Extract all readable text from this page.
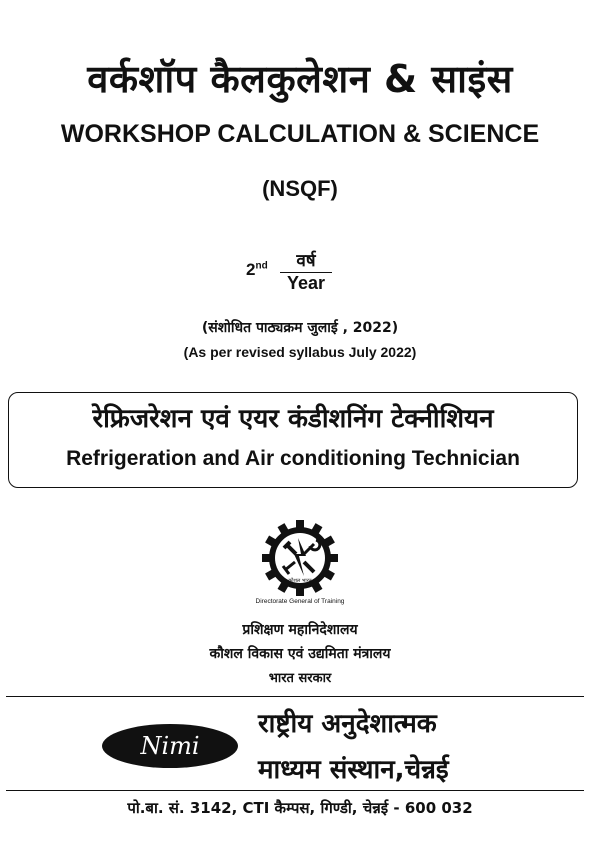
वर्कशॉप कैलकुलेशन & साइंस
WORKSHOP CALCULATION & SCIENCE
(NSQF)
2nd	वर्ष
Year
(संशोधित पाठ्यक्रम जुलाई , 2022)
(As per revised syllabus July 2022)
रेफ्रिजरेशन एवं एयर कंडीशनिंग टेक्नीशियन
Refrigeration and Air conditioning Technician
कौशल भारत
Directorate General of Training
प्रशिक्षण महानिदेशालय
कौशल विकास एवं उद्यमिता मंत्रालय
भारत सरकार
Nimi
राष्ट्रीय अनुदेशात्मक
माध्यम संस्थान,चेन्नई
पो.बा. सं. 3142, CTI कैम्पस, गिण्डी, चेन्नई - 600 032
